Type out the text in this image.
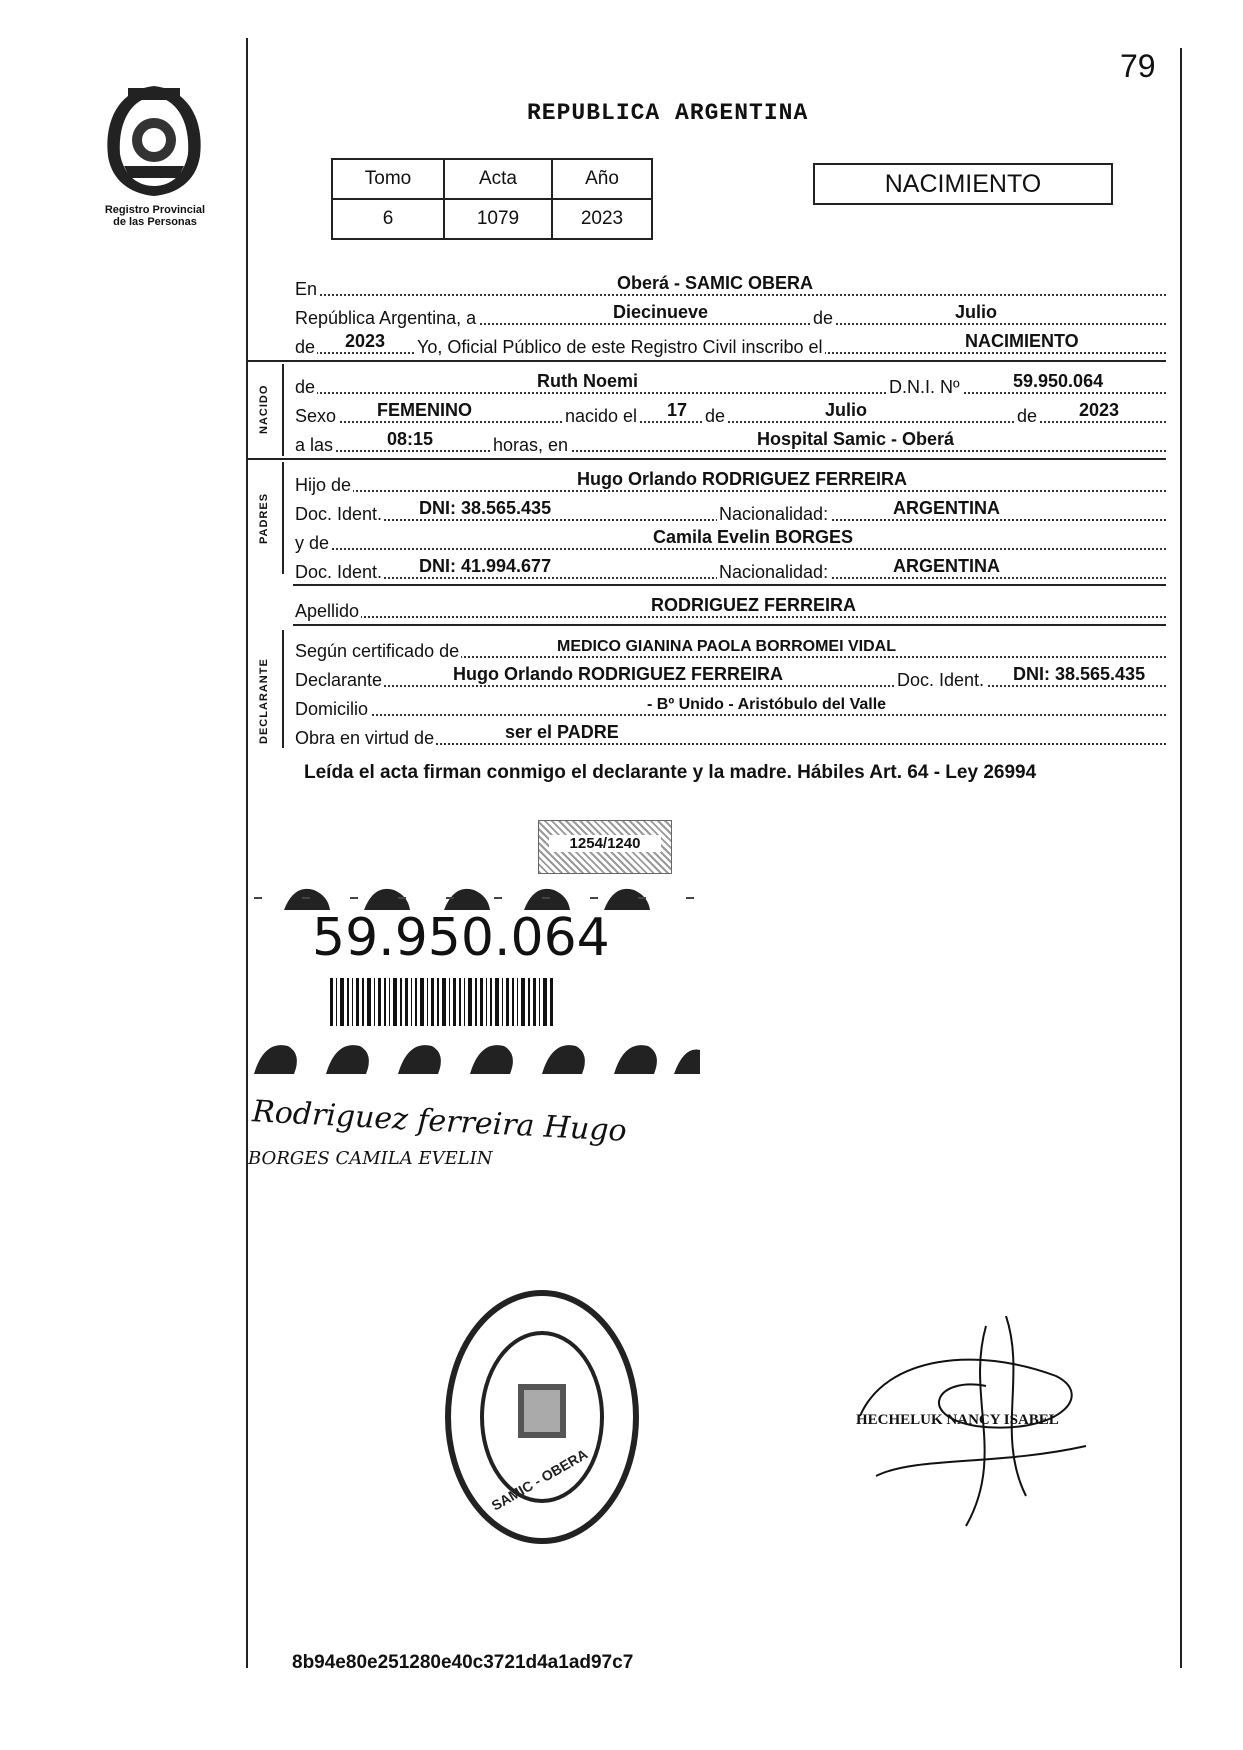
79
Registro Provincial
de las Personas
REPUBLICA ARGENTINA
Tomo	Acta	Año
6	1079	2023
NACIMIENTO
En	Oberá - SAMIC OBERA
República Argentina, a	Diecinueve	de	Julio
de 2023 Yo, Oficial Público de este Registro Civil inscribo el	NACIMIENTO
NACIDO de	Ruth Noemi	D.N.I. Nº	59.950.064
Sexo FEMENINO	nacido el 17 de	Julio	de 2023
a las	08:15	horas, en	Hospital Samic - Oberá
PADRES
Hijo de	Hugo Orlando RODRIGUEZ FERREIRA
Doc. Ident. DNI: 38.565.435	Nacionalidad:	ARGENTINA
y de	Camila Evelin BORGES
Doc. Ident. DNI: 41.994.677	Nacionalidad:	ARGENTINA
Apellido	RODRIGUEZ FERREIRA
DECLARANTE
Según certificado de	MEDICO GIANINA PAOLA BORROMEI VIDAL
Declarante	Hugo Orlando RODRIGUEZ FERREIRA	Doc. Ident. DNI: 38.565.435
Domicilio	- Bº Unido - Aristóbulo del Valle
Obra en virtud de	ser el PADRE
Leída el acta firman conmigo el declarante y la madre. Hábiles Art. 64 - Ley 26994
1254/1240
59.950.064
Rodriguez ferreira Hugo
BORGES CAMILA EVELIN
SAMIC - OBERA
HECHELUK NANCY ISABEL
8b94e80e251280e40c3721d4a1ad97c7
